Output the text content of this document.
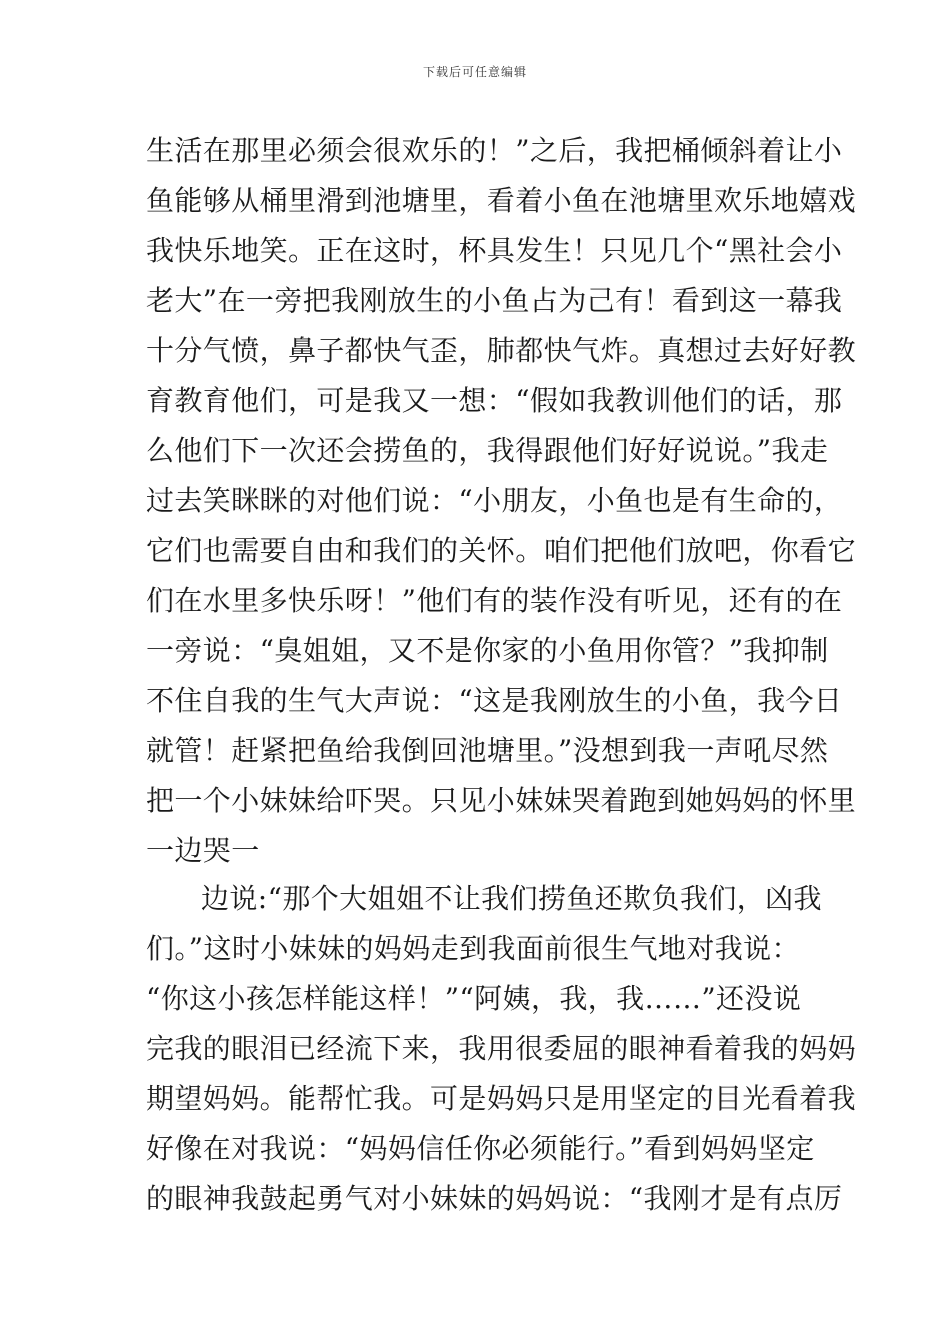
下载后可任意编辑
生活在那里必须会很欢乐的！”之后，我把桶倾斜着让小
鱼能够从桶里滑到池塘里，看着小鱼在池塘里欢乐地嬉戏
我快乐地笑。正在这时，杯具发生！只见几个“黑社会小
老大”在一旁把我刚放生的小鱼占为己有！看到这一幕我
十分气愤，鼻子都快气歪，肺都快气炸。真想过去好好教
育教育他们，可是我又一想：“假如我教训他们的话，那
么他们下一次还会捞鱼的，我得跟他们好好说说。”我走
过去笑眯眯的对他们说：“小朋友，小鱼也是有生命的，
它们也需要自由和我们的关怀。咱们把他们放吧，你看它
们在水里多快乐呀！”他们有的装作没有听见，还有的在
一旁说：“臭姐姐，又不是你家的小鱼用你管？”我抑制
不住自我的生气大声说：“这是我刚放生的小鱼，我今日
就管！赶紧把鱼给我倒回池塘里。”没想到我一声吼尽然
把一个小妹妹给吓哭。只见小妹妹哭着跑到她妈妈的怀里
一边哭一
边说:“那个大姐姐不让我们捞鱼还欺负我们，凶我
们。”这时小妹妹的妈妈走到我面前很生气地对我说：
“你这小孩怎样能这样！”“阿姨，我，我……”还没说
完我的眼泪已经流下来，我用很委屈的眼神看着我的妈妈
期望妈妈。能帮忙我。可是妈妈只是用坚定的目光看着我
好像在对我说：“妈妈信任你必须能行。”看到妈妈坚定
的眼神我鼓起勇气对小妹妹的妈妈说：“我刚才是有点厉
